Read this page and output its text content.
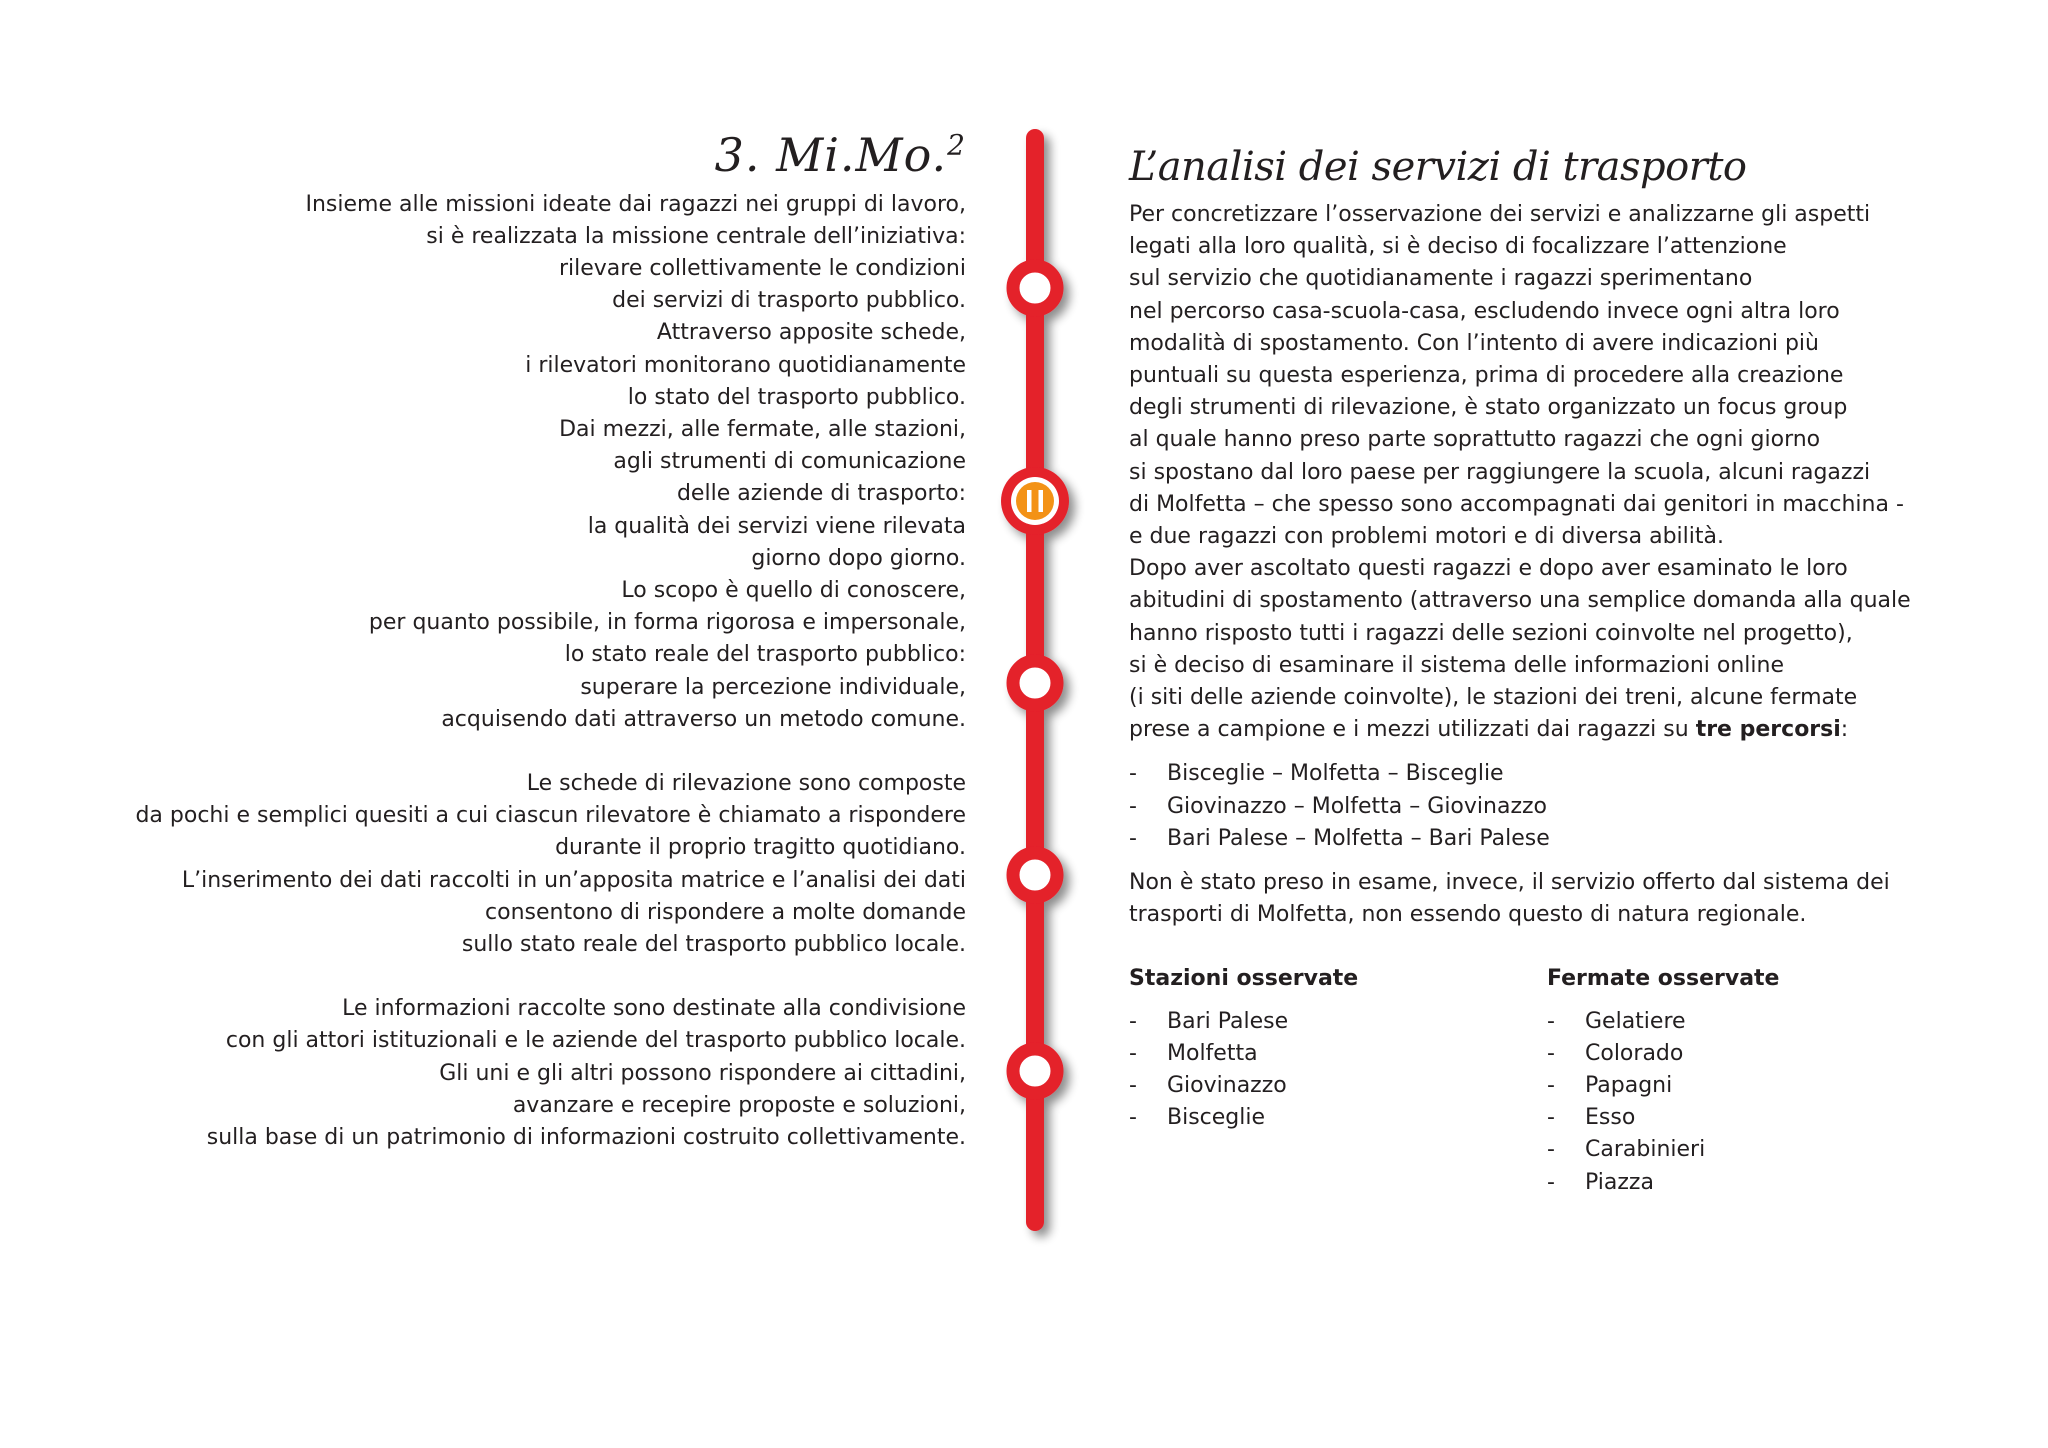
3. Mi.Mo.$^2$
Insieme alle missioni ideate dai ragazzi nei gruppi di lavoro,
si è realizzata la missione centrale dell’iniziativa:
rilevare collettivamente le condizioni
dei servizi di trasporto pubblico.
Attraverso apposite schede,
i rilevatori monitorano quotidianamente
lo stato del trasporto pubblico.
Dai mezzi, alle fermate, alle stazioni,
agli strumenti di comunicazione
delle aziende di trasporto:
la qualità dei servizi viene rilevata
giorno dopo giorno.
Lo scopo è quello di conoscere,
per quanto possibile, in forma rigorosa e impersonale,
lo stato reale del trasporto pubblico:
superare la percezione individuale,
acquisendo dati attraverso un metodo comune.
Le schede di rilevazione sono composte
da pochi e semplici quesiti a cui ciascun rilevatore è chiamato a rispondere
durante il proprio tragitto quotidiano.
L’inserimento dei dati raccolti in un’apposita matrice e l’analisi dei dati
consentono di rispondere a molte domande
sullo stato reale del trasporto pubblico locale.
Le informazioni raccolte sono destinate alla condivisione
con gli attori istituzionali e le aziende del trasporto pubblico locale.
Gli uni e gli altri possono rispondere ai cittadini,
avanzare e recepire proposte e soluzioni,
sulla base di un patrimonio di informazioni costruito collettivamente.
L’analisi dei servizi di trasporto
Per concretizzare l’osservazione dei servizi e analizzarne gli aspetti
legati alla loro qualità, si è deciso di focalizzare l’attenzione
sul servizio che quotidianamente i ragazzi sperimentano
nel percorso casa-scuola-casa, escludendo invece ogni altra loro
modalità di spostamento. Con l’intento di avere indicazioni più
puntuali su questa esperienza, prima di procedere alla creazione
degli strumenti di rilevazione, è stato organizzato un focus group
al quale hanno preso parte soprattutto ragazzi che ogni giorno
si spostano dal loro paese per raggiungere la scuola, alcuni ragazzi
di Molfetta – che spesso sono accompagnati dai genitori in macchina -
e due ragazzi con problemi motori e di diversa abilità.
Dopo aver ascoltato questi ragazzi e dopo aver esaminato le loro
abitudini di spostamento (attraverso una semplice domanda alla quale
hanno risposto tutti i ragazzi delle sezioni coinvolte nel progetto),
si è deciso di esaminare il sistema delle informazioni online
(i siti delle aziende coinvolte), le stazioni dei treni, alcune fermate
prese a campione e i mezzi utilizzati dai ragazzi su tre percorsi:
- Bisceglie – Molfetta – Bisceglie
- Giovinazzo – Molfetta – Giovinazzo
- Bari Palese – Molfetta – Bari Palese
Non è stato preso in esame, invece, il servizio offerto dal sistema dei
trasporti di Molfetta, non essendo questo di natura regionale.
Stazioni osservate
- Bari Palese
- Molfetta
- Giovinazzo
- Bisceglie
Fermate osservate
- Gelatiere
- Colorado
- Papagni
- Esso
- Carabinieri
- Piazza
